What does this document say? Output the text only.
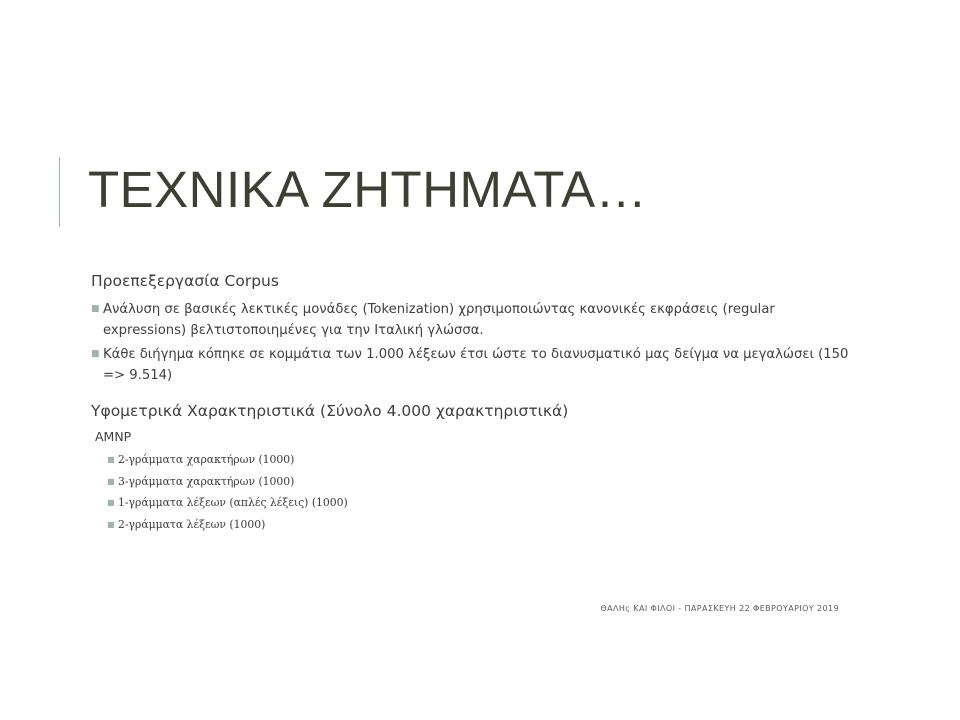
ΤΕΧΝΙΚΑ ΖΗΤΗΜΑΤΑ…

Προεπεξεργασία Corpus

■ Ανάλυση σε βασικές λεκτικές μονάδες (Tokenization) χρησιμοποιώντας κανονικές εκφράσεις (regular expressions) βελτιστοποιημένες για την Ιταλική γλώσσα.
■ Κάθε διήγημα κόπηκε σε κομμάτια των 1.000 λέξεων έτσι ώστε το διανυσματικό μας δείγμα να μεγαλώσει (150 => 9.514)

Υφομετρικά Χαρακτηριστικά (Σύνολο 4.000 χαρακτηριστικά)

AMNP

■ 2-γράμματα χαρακτήρων (1000)
■ 3-γράμματα χαρακτήρων (1000)
■ 1-γράμματα λέξεων (απλές λέξεις) (1000)
■ 2-γράμματα λέξεων (1000)
ΘΑΛΗς ΚΑΙ ΦΙΛΟΙ - ΠΑΡΑΣΚΕΥΗ 22 ΦΕΒΡΟΥΑΡΙΟΥ 2019
